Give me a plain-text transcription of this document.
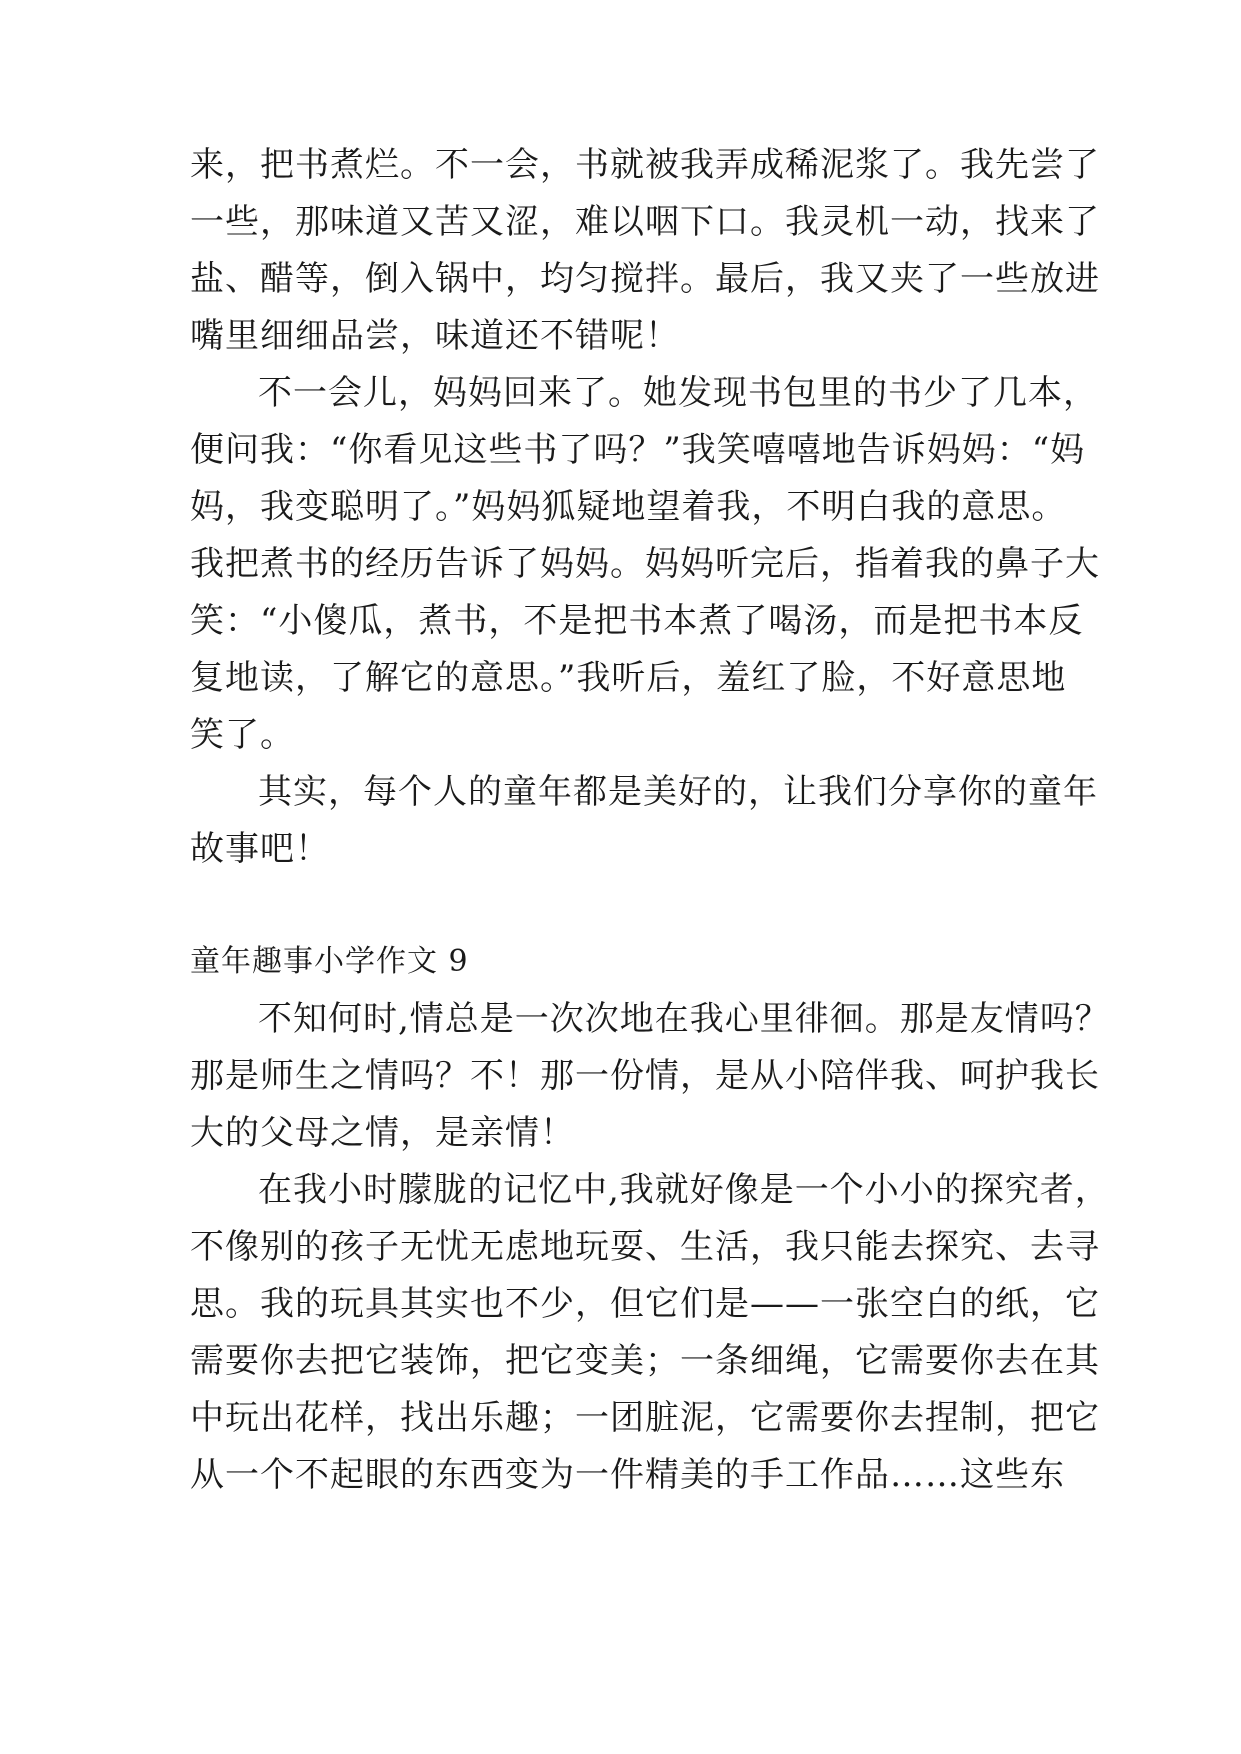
来，把书煮烂。不一会，书就被我弄成稀泥浆了。我先尝了
一些，那味道又苦又涩，难以咽下口。我灵机一动，找来了
盐、醋等，倒入锅中，均匀搅拌。最后，我又夹了一些放进
嘴里细细品尝，味道还不错呢！
不一会儿，妈妈回来了。她发现书包里的书少了几本，
便问我：“你看见这些书了吗？”我笑嘻嘻地告诉妈妈：“妈
妈，我变聪明了。”妈妈狐疑地望着我，不明白我的意思。
我把煮书的经历告诉了妈妈。妈妈听完后，指着我的鼻子大
笑：“小傻瓜，煮书，不是把书本煮了喝汤，而是把书本反
复地读，了解它的意思。”我听后，羞红了脸，不好意思地
笑了。
其实，每个人的童年都是美好的，让我们分享你的童年
故事吧！
童年趣事小学作文 9
不知何时,情总是一次次地在我心里徘徊。那是友情吗？
那是师生之情吗？不！那一份情，是从小陪伴我、呵护我长
大的父母之情，是亲情！
在我小时朦胧的记忆中,我就好像是一个小小的探究者，
不像别的孩子无忧无虑地玩耍、生活，我只能去探究、去寻
思。我的玩具其实也不少，但它们是——一张空白的纸，它
需要你去把它装饰，把它变美；一条细绳，它需要你去在其
中玩出花样，找出乐趣；一团脏泥，它需要你去捏制，把它
从一个不起眼的东西变为一件精美的手工作品……这些东
